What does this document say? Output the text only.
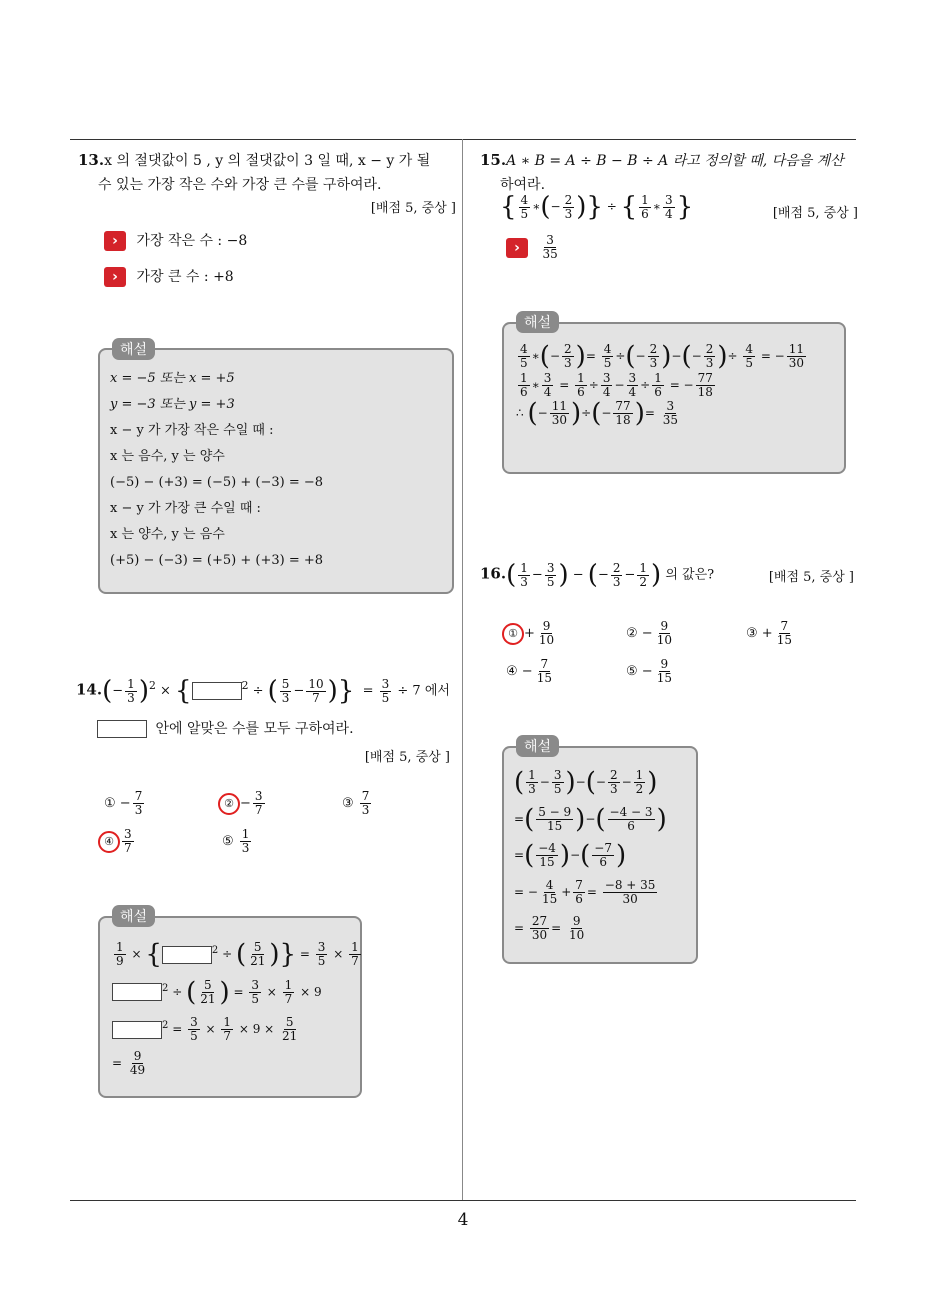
4
13.x 의 절댓값이 5 , y 의 절댓값이 3 일 때, x − y 가 될
수 있는 가장 작은 수와 가장 큰 수를 구하여라.
[배점 5, 중상 ]
› 가장 작은 수 : −8
› 가장 큰 수 : +8
해설
x = −5 또는 x = +5
y = −3 또는 y = +3
x − y 가 가장 작은 수일 때 :
x 는 음수, y 는 양수
(−5) − (+3) = (−5) + (−3) = −8
x − y 가 가장 큰 수일 때 :
x 는 양수, y 는 음수
(+5) − (−3) = (+5) + (+3) = +8
$14.(- \frac{1}{3} )^2$ × {	$^2$ ÷ ( $\frac{5}{3} - \frac{10}{7}$ )}  = $\frac{3}{5} \div 7$ 에서
안에 알맞은 수를 모두 구하여라.
[배점 5, 중상 ]
① − $\frac{7}{3}$	② − $\frac{3}{7}$	③ $\frac{7}{3}$
④ $\frac{3}{7}$	⑤ $\frac{1}{3}$
해설
$\frac{1}{9}$ × {	$^2$ ÷ ( $\frac{5}{21}$ )} = $\frac{3}{5} \times \frac{1}{7}$
$^2$ ÷ ( $\frac{5}{21}$ ) = $\frac{3}{5} \times \frac{1}{7} \times 9$
$^2 = \frac{3}{5} \times \frac{1}{7} \times 9 \times \frac{5}{21}$
= $\frac{9}{49}$
15.A ∗ B = A ÷ B − B ÷ A 라고 정의할 때, 다음을 계산
하여라.
{ $\frac{4}{5}$ ∗(− $\frac{2}{3}$ )} ÷ { $\frac{1}{6}$ ∗ $\frac{3}{4}$ }	[배점 5, 중상 ]
› $\frac{3}{35}$
해설
$\frac{4}{5}$ ∗(− $\frac{2}{3}$ )= $\frac{4}{5}$ ÷(− $\frac{2}{3}$ )−(− $\frac{2}{3}$ )÷ $\frac{4}{5}$ = − $\frac{11}{30}$
$\frac{1}{6}$ ∗ $\frac{3}{4} = \frac{1}{6} \div \frac{3}{4} - \frac{3}{4} \div \frac{1}{6}$ = − $\frac{77}{18}$
∴ (− $\frac{11}{30}$ )÷(− $\frac{77}{18}$ )= $\frac{3}{35}$
$16.( \frac{1}{3} - \frac{3}{5}$ ) − (− $\frac{2}{3} - \frac{1}{2}$ ) 의 값은?	[배점 5, 중상 ]
① + $\frac{9}{10}$	② − $\frac{9}{10}$	③ + $\frac{7}{15}$
④ − $\frac{7}{15}$	⑤ − $\frac{9}{15}$
해설
( $\frac{1}{3} - \frac{3}{5}$ )−(− $\frac{2}{3} - \frac{1}{2}$ )
=( $\frac{5 - 9}{15}$ )−( $\frac{-4 - 3}{6}$ )
=( $\frac{-4}{15}$ )−( $\frac{-7}{6}$ )
= − $\frac{4}{15} + \frac{7}{6} = \frac{-8 + 35}{30}$
= $\frac{27}{30} = \frac{9}{10}$
